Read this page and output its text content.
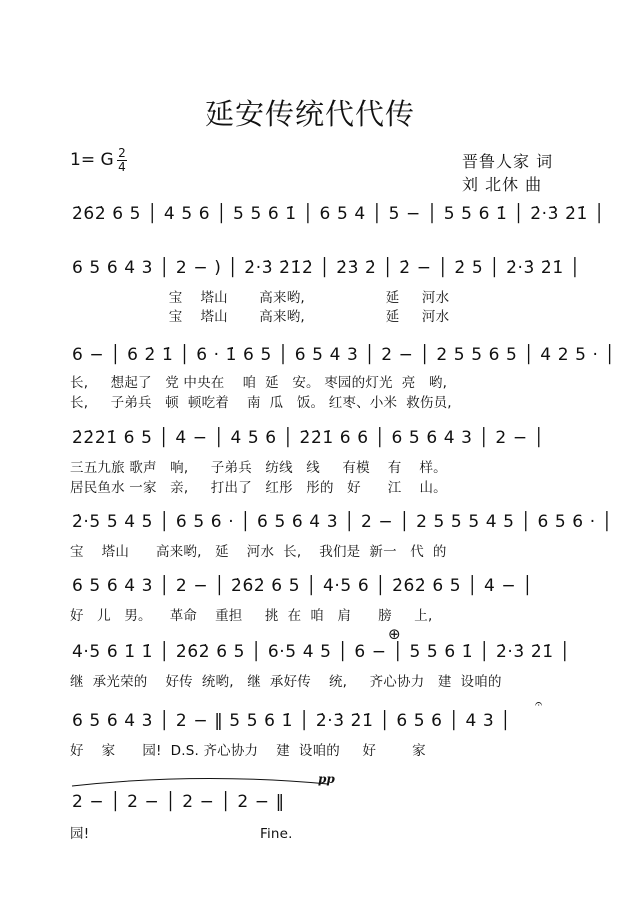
延安传统代代传
1= G 2
4	晋鲁人家 词
刘 北休 曲
2̇6̇2̇ 6 5 │ 4 5 6 │ 5 5 6 1̇ │ 6 5 4 │ 5 − │ 5 5 6 1̇ │ 2̇·3̇ 2̇1̇ │
6 5 6 4 3 │ 2 − ) │ 2̇·3̇ 2̇1̇2̇ │ 2̇3̇ 2̇ │ 2̇ − │ 2̇ 5 │ 2̇·3̇ 2̇1̇ │
宝    塔山       高来哟,                  延     河水
宝    塔山       高来哟,                  延     河水
6 − │ 6 2̇ 1̇ │ 6 · 1̇ 6 5 │ 6 5 4 3 │ 2 − │ 2 5 5 6 5 │ 4 2 5 · │
长,     想起了   党 中央在    咱  延   安。 枣园的灯光  亮   哟,
长,     子弟兵   顿  顿吃着    南  瓜   饭。 红枣、小米  救伤员,
2̇2̇2̇1̇ 6 5 │ 4 − │ 4 5 6 │ 2̇2̇1̇ 6 6 │ 6 5 6 4 3 │ 2 − │
三五九旅 歌声   响,     子弟兵   纺线   线     有模    有    样。
居民鱼水 一家   亲,     打出了   红彤   彤的   好      江    山。
2̇·5 5 4 5 │ 6 5 6 · │ 6 5 6 4 3 │ 2 − │ 2 5 5 5 4 5 │ 6 5 6 · │
宝    塔山      高来哟,   延    河水  长,    我们是  新一   代  的
6 5 6 4 3 │ 2 − │ 2̇6̇2̇ 6 5 │ 4·5 6 │ 2̇6̇2̇ 6 5 │ 4 − │
好   儿   男。    革命    重担     挑  在  咱   肩      膀     上,
⊕
4·5 6 1̇ 1̇ │ 2̇6̇2̇ 6 5 │ 6·5 4 5 │ 6 − │ 5 5 6 1̇ │ 2̇·3̇ 2̇1̇ │
继  承光荣的    好传  统哟,   继  承好传    统,     齐心协力   建  设咱的
𝄐
6 5 6 4 3 │ 2 − ‖ 5 5 6 1̇ │ 2̇·3̇ 2̇1̇ │ 6 5 6 │ 4 3 │
好    家      园!  D.S. 齐心协力    建  设咱的     好        家
pp
2 − │ 2 − │ 2 − │ 2 − ‖
园!                                      Fine.
